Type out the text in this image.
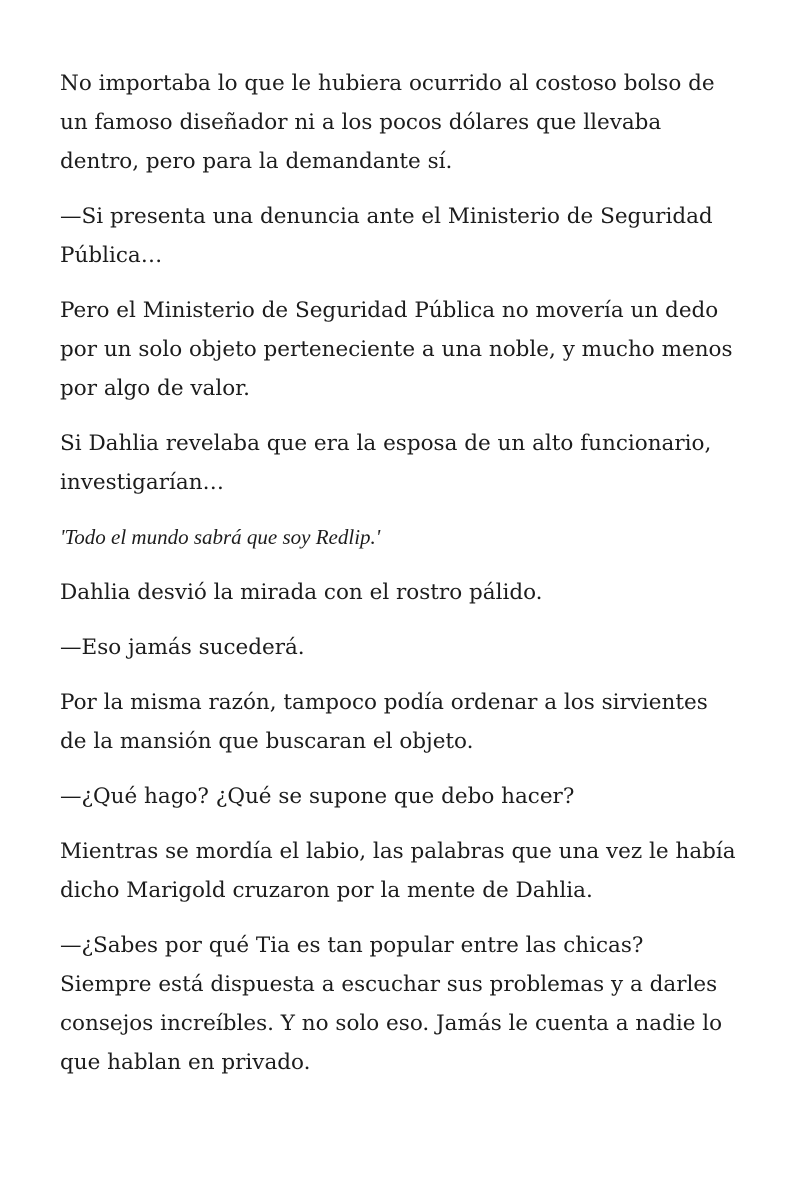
No importaba lo que le hubiera ocurrido al costoso bolso de un famoso diseñador ni a los pocos dólares que llevaba dentro, pero para la demandante sí.

—Si presenta una denuncia ante el Ministerio de Seguridad Pública…

Pero el Ministerio de Seguridad Pública no movería un dedo por un solo objeto perteneciente a una noble, y mucho menos por algo de valor.

Si Dahlia revelaba que era la esposa de un alto funcionario, investigarían…

'Todo el mundo sabrá que soy Redlip.'

Dahlia desvió la mirada con el rostro pálido.

—Eso jamás sucederá.

Por la misma razón, tampoco podía ordenar a los sirvientes de la mansión que buscaran el objeto.

—¿Qué hago? ¿Qué se supone que debo hacer?

Mientras se mordía el labio, las palabras que una vez le había dicho Marigold cruzaron por la mente de Dahlia.

—¿Sabes por qué Tia es tan popular entre las chicas? Siempre está dispuesta a escuchar sus problemas y a darles consejos increíbles. Y no solo eso. Jamás le cuenta a nadie lo que hablan en privado.
